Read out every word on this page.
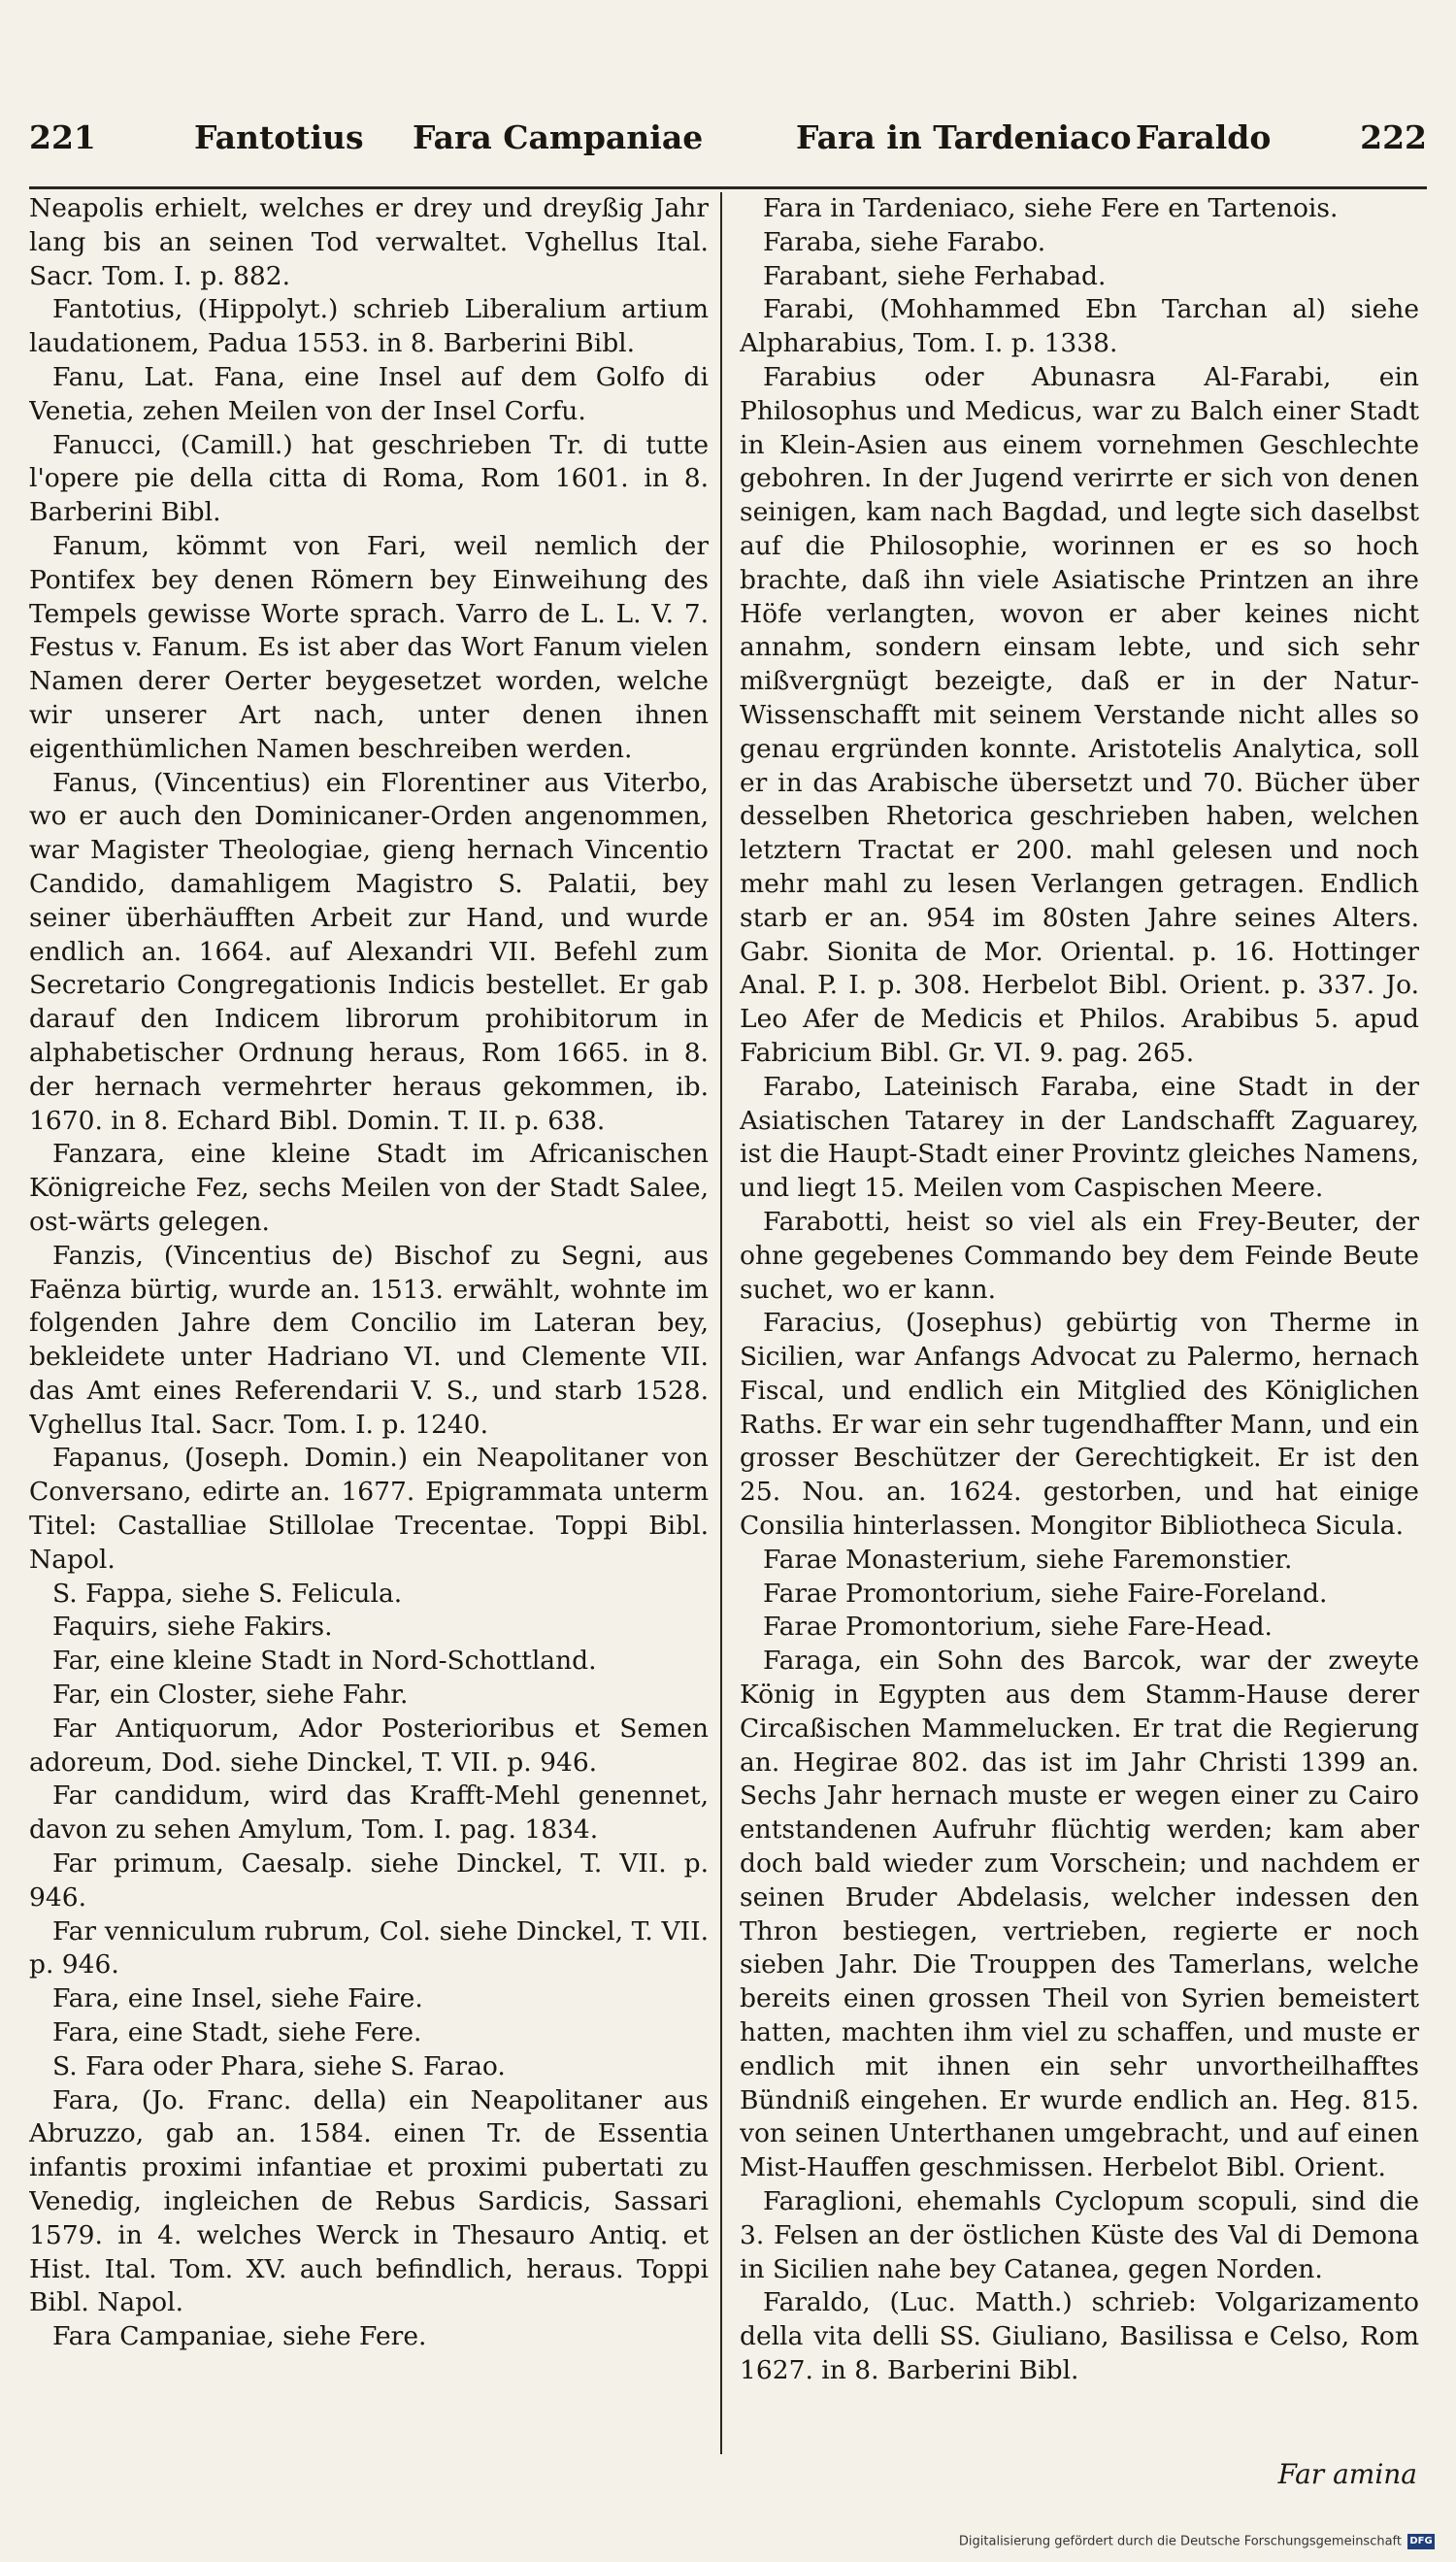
221	Fantotius Fara Campaniae	Fara in Tardeniaco Faraldo	222

Neapolis erhielt, welches er drey und dreyßig Jahr lang bis an seinen Tod verwaltet. Vghellus Ital. Sacr. Tom. I. p. 882.

Fantotius, (Hippolyt.) schrieb Liberalium artium laudationem, Padua 1553. in 8. Barberini Bibl.

Fanu, Lat. Fana, eine Insel auf dem Golfo di Venetia, zehen Meilen von der Insel Corfu.

Fanucci, (Camill.) hat geschrieben Tr. di tutte l'opere pie della citta di Roma, Rom 1601. in 8. Barberini Bibl.

Fanum, kömmt von Fari, weil nemlich der Pontifex bey denen Römern bey Einweihung des Tempels gewisse Worte sprach. Varro de L. L. V. 7. Festus v. Fanum. Es ist aber das Wort Fanum vielen Namen derer Oerter beygesetzet worden, welche wir unserer Art nach, unter denen ihnen eigenthümlichen Namen beschreiben werden.

Fanus, (Vincentius) ein Florentiner aus Viterbo, wo er auch den Dominicaner-Orden angenommen, war Magister Theologiae, gieng hernach Vincentio Candido, damahligem Magistro S. Palatii, bey seiner überhäufften Arbeit zur Hand, und wurde endlich an. 1664. auf Alexandri VII. Befehl zum Secretario Congregationis Indicis bestellet. Er gab darauf den Indicem librorum prohibitorum in alphabetischer Ordnung heraus, Rom 1665. in 8. der hernach vermehrter heraus gekommen, ib. 1670. in 8. Echard Bibl. Domin. T. II. p. 638.

Fanzara, eine kleine Stadt im Africanischen Königreiche Fez, sechs Meilen von der Stadt Salee, ost-wärts gelegen.

Fanzis, (Vincentius de) Bischof zu Segni, aus Faënza bürtig, wurde an. 1513. erwählt, wohnte im folgenden Jahre dem Concilio im Lateran bey, bekleidete unter Hadriano VI. und Clemente VII. das Amt eines Referendarii V. S., und starb 1528. Vghellus Ital. Sacr. Tom. I. p. 1240.

Fapanus, (Joseph. Domin.) ein Neapolitaner von Conversano, edirte an. 1677. Epigrammata unterm Titel: Castalliae Stillolae Trecentae. Toppi Bibl. Napol.

S. Fappa, siehe S. Felicula.

Faquirs, siehe Fakirs.

Far, eine kleine Stadt in Nord-Schottland.

Far, ein Closter, siehe Fahr.

Far Antiquorum, Ador Posterioribus et Semen adoreum, Dod. siehe Dinckel, T. VII. p. 946.

Far candidum, wird das Krafft-Mehl genennet, davon zu sehen Amylum, Tom. I. pag. 1834.

Far primum, Caesalp. siehe Dinckel, T. VII. p. 946.

Far venniculum rubrum, Col. siehe Dinckel, T. VII. p. 946.

Fara, eine Insel, siehe Faire.

Fara, eine Stadt, siehe Fere.

S. Fara oder Phara, siehe S. Farao.

Fara, (Jo. Franc. della) ein Neapolitaner aus Abruzzo, gab an. 1584. einen Tr. de Essentia infantis proximi infantiae et proximi pubertati zu Venedig, ingleichen de Rebus Sardicis, Sassari 1579. in 4. welches Werck in Thesauro Antiq. et Hist. Ital. Tom. XV. auch befindlich, heraus. Toppi Bibl. Napol.

Fara Campaniae, siehe Fere.

Fara in Tardeniaco, siehe Fere en Tartenois.

Faraba, siehe Farabo.

Farabant, siehe Ferhabad.

Farabi, (Mohhammed Ebn Tarchan al) siehe Alpharabius, Tom. I. p. 1338.

Farabius oder Abunasra Al-Farabi, ein Philosophus und Medicus, war zu Balch einer Stadt in Klein-Asien aus einem vornehmen Geschlechte gebohren. In der Jugend verirrte er sich von denen seinigen, kam nach Bagdad, und legte sich daselbst auf die Philosophie, worinnen er es so hoch brachte, daß ihn viele Asiatische Printzen an ihre Höfe verlangten, wovon er aber keines nicht annahm, sondern einsam lebte, und sich sehr mißvergnügt bezeigte, daß er in der Natur-Wissenschafft mit seinem Verstande nicht alles so genau ergründen konnte. Aristotelis Analytica, soll er in das Arabische übersetzt und 70. Bücher über desselben Rhetorica geschrieben haben, welchen letztern Tractat er 200. mahl gelesen und noch mehr mahl zu lesen Verlangen getragen. Endlich starb er an. 954 im 80sten Jahre seines Alters. Gabr. Sionita de Mor. Oriental. p. 16. Hottinger Anal. P. I. p. 308. Herbelot Bibl. Orient. p. 337. Jo. Leo Afer de Medicis et Philos. Arabibus 5. apud Fabricium Bibl. Gr. VI. 9. pag. 265.

Farabo, Lateinisch Faraba, eine Stadt in der Asiatischen Tatarey in der Landschafft Zaguarey, ist die Haupt-Stadt einer Provintz gleiches Namens, und liegt 15. Meilen vom Caspischen Meere.

Farabotti, heist so viel als ein Frey-Beuter, der ohne gegebenes Commando bey dem Feinde Beute suchet, wo er kann.

Faracius, (Josephus) gebürtig von Therme in Sicilien, war Anfangs Advocat zu Palermo, hernach Fiscal, und endlich ein Mitglied des Königlichen Raths. Er war ein sehr tugendhaffter Mann, und ein grosser Beschützer der Gerechtigkeit. Er ist den 25. Nou. an. 1624. gestorben, und hat einige Consilia hinterlassen. Mongitor Bibliotheca Sicula.

Farae Monasterium, siehe Faremonstier.

Farae Promontorium, siehe Faire-Foreland.

Farae Promontorium, siehe Fare-Head.

Faraga, ein Sohn des Barcok, war der zweyte König in Egypten aus dem Stamm-Hause derer Circaßischen Mammelucken. Er trat die Regierung an. Hegirae 802. das ist im Jahr Christi 1399 an. Sechs Jahr hernach muste er wegen einer zu Cairo entstandenen Aufruhr flüchtig werden; kam aber doch bald wieder zum Vorschein; und nachdem er seinen Bruder Abdelasis, welcher indessen den Thron bestiegen, vertrieben, regierte er noch sieben Jahr. Die Trouppen des Tamerlans, welche bereits einen grossen Theil von Syrien bemeistert hatten, machten ihm viel zu schaffen, und muste er endlich mit ihnen ein sehr unvortheilhafftes Bündniß eingehen. Er wurde endlich an. Heg. 815. von seinen Unterthanen umgebracht, und auf einen Mist-Hauffen geschmissen. Herbelot Bibl. Orient.

Faraglioni, ehemahls Cyclopum scopuli, sind die 3. Felsen an der östlichen Küste des Val di Demona in Sicilien nahe bey Catanea, gegen Norden.

Faraldo, (Luc. Matth.) schrieb: Volgarizamento della vita delli SS. Giuliano, Basilissa e Celso, Rom 1627. in 8. Barberini Bibl.

Far amina
Digitalisierung gefördert durch die Deutsche Forschungsgemeinschaft DFG
